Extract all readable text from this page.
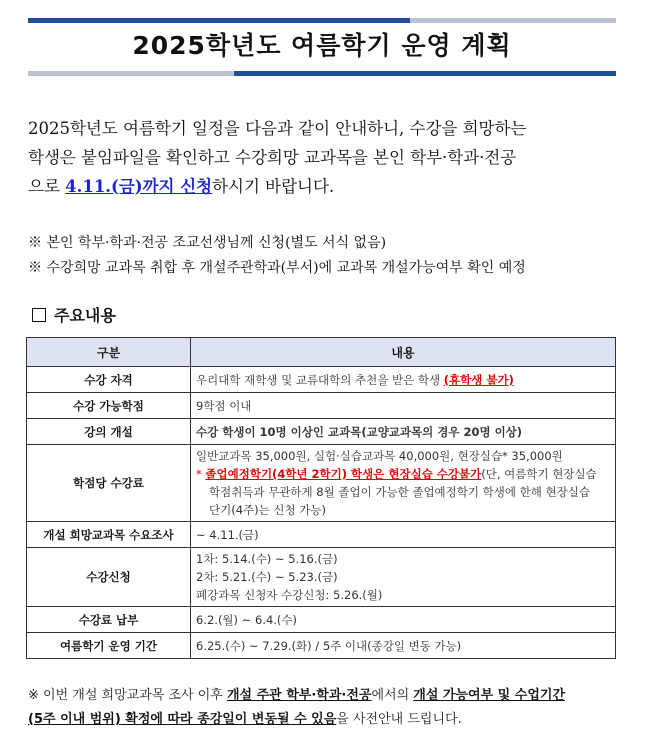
2025학년도 여름학기 운영 계획
2025학년도 여름학기 일정을 다음과 같이 안내하니, 수강을 희망하는
학생은 붙임파일을 확인하고 수강희망 교과목을 본인 학부·학과·전공
으로 4.11.(금)까지 신청하시기 바랍니다.
※ 본인 학부·학과·전공 조교선생님께 신청(별도 서식 없음)
※ 수강희망 교과목 취합 후 개설주관학과(부서)에 교과목 개설가능여부 확인 예정
주요내용
구분	내용
수강 자격	우리대학 재학생 및 교류대학의 추천을 받은 학생 (휴학생 불가)
수강 가능학점	9학점 이내
강의 개설	수강 학생이 10명 이상인 교과목(교양교과목의 경우 20명 이상)
학점당 수강료	일반교과목 35,000원, 실험·실습교과목 40,000원, 현장실습* 35,000원
* 졸업예정학기(4학년 2학기) 학생은 현장실습 수강불가(단, 여름학기 현장실습
학점취득과 무관하게 8월 졸업이 가능한 졸업예정학기 학생에 한해 현장실습
단기(4주)는 신청 가능)

개설 희망교과목 수요조사	~ 4.11.(금)
수강신청	1차: 5.14.(수) ~ 5.16.(금)
2차: 5.21.(수) ~ 5.23.(금)
폐강과목 신청자 수강신청: 5.26.(월)

수강료 납부	6.2.(월) ~ 6.4.(수)
여름학기 운영 기간	6.25.(수) ~ 7.29.(화) / 5주 이내(종강일 변동 가능)
※ 이번 개설 희망교과목 조사 이후 개설 주관 학부·학과·전공에서의 개설 가능여부 및 수업기간
(5주 이내 범위) 확정에 따라 종강일이 변동될 수 있음을 사전안내 드립니다.
